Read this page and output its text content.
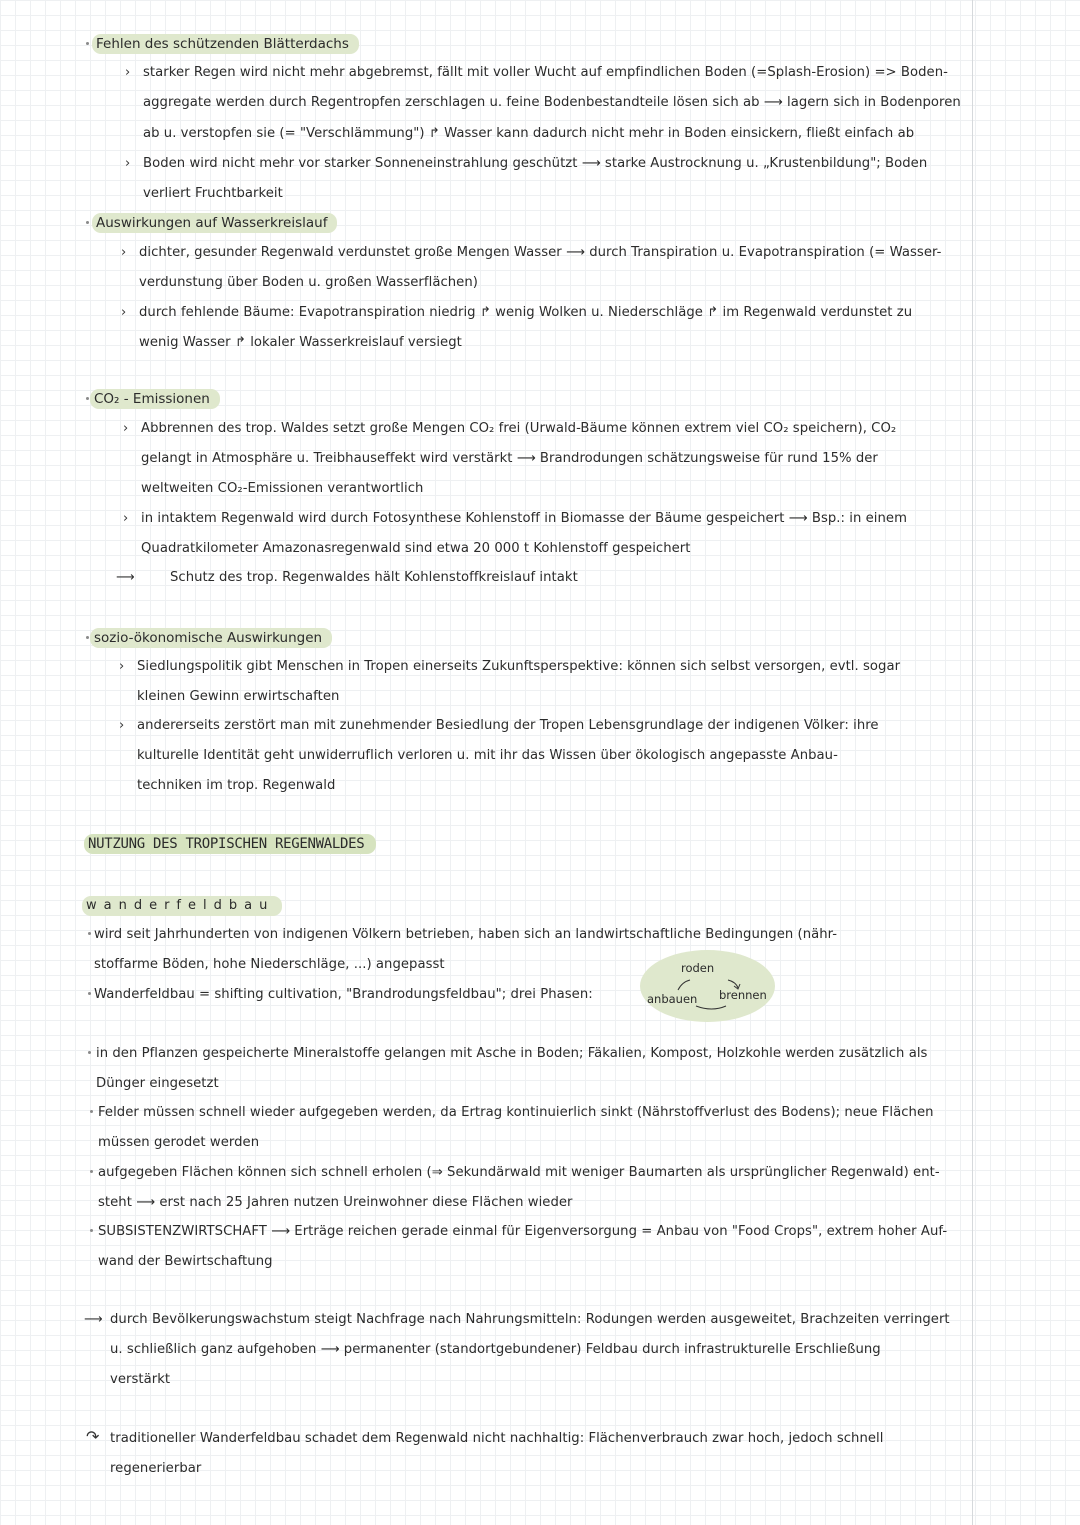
Fehlen des schützenden Blätterdachs
› starker Regen wird nicht mehr abgebremst, fällt mit voller Wucht auf empfindlichen Boden (=Splash-Erosion) => Boden-
aggregate werden durch Regentropfen zerschlagen u. feine Bodenbestandteile lösen sich ab ⟶ lagern sich in Bodenporen
ab u. verstopfen sie (= "Verschlämmung") ↱ Wasser kann dadurch nicht mehr in Boden einsickern, fließt einfach ab
› Boden wird nicht mehr vor starker Sonneneinstrahlung geschützt ⟶ starke Austrocknung u. „Krustenbildung"; Boden
verliert Fruchtbarkeit
Auswirkungen auf Wasserkreislauf
› dichter, gesunder Regenwald verdunstet große Mengen Wasser ⟶ durch Transpiration u. Evapotranspiration (= Wasser-
verdunstung über Boden u. großen Wasserflächen)
› durch fehlende Bäume: Evapotranspiration niedrig ↱ wenig Wolken u. Niederschläge ↱ im Regenwald verdunstet zu
wenig Wasser ↱ lokaler Wasserkreislauf versiegt
CO₂ - Emissionen
› Abbrennen des trop. Waldes setzt große Mengen CO₂ frei (Urwald-Bäume können extrem viel CO₂ speichern), CO₂
gelangt in Atmosphäre u. Treibhauseffekt wird verstärkt ⟶ Brandrodungen schätzungsweise für rund 15% der
weltweiten CO₂-Emissionen verantwortlich
› in intaktem Regenwald wird durch Fotosynthese Kohlenstoff in Biomasse der Bäume gespeichert ⟶ Bsp.: in einem
Quadratkilometer Amazonasregenwald sind etwa 20 000 t Kohlenstoff gespeichert
⟶	Schutz des trop. Regenwaldes hält Kohlenstoffkreislauf intakt
sozio-ökonomische Auswirkungen
› Siedlungspolitik gibt Menschen in Tropen einerseits Zukunftsperspektive: können sich selbst versorgen, evtl. sogar
kleinen Gewinn erwirtschaften
› andererseits zerstört man mit zunehmender Besiedlung der Tropen Lebensgrundlage der indigenen Völker: ihre
kulturelle Identität geht unwiderruflich verloren u. mit ihr das Wissen über ökologisch angepasste Anbau-
techniken im trop. Regenwald
NUTZUNG DES TROPISCHEN REGENWALDES
wanderfeldbau
wird seit Jahrhunderten von indigenen Völkern betrieben, haben sich an landwirtschaftliche Bedingungen (nähr-
stoffarme Böden, hohe Niederschläge, ...) angepasst
Wanderfeldbau = shifting cultivation, "Brandrodungsfeldbau"; drei Phasen:
roden
brennen
anbauen
in den Pflanzen gespeicherte Mineralstoffe gelangen mit Asche in Boden; Fäkalien, Kompost, Holzkohle werden zusätzlich als
Dünger eingesetzt
Felder müssen schnell wieder aufgegeben werden, da Ertrag kontinuierlich sinkt (Nährstoffverlust des Bodens); neue Flächen
müssen gerodet werden
aufgegeben Flächen können sich schnell erholen (⇒ Sekundärwald mit weniger Baumarten als ursprünglicher Regenwald) ent-
steht ⟶ erst nach 25 Jahren nutzen Ureinwohner diese Flächen wieder
SUBSISTENZWIRTSCHAFT ⟶ Erträge reichen gerade einmal für Eigenversorgung = Anbau von "Food Crops", extrem hoher Auf-
wand der Bewirtschaftung
⟶ durch Bevölkerungswachstum steigt Nachfrage nach Nahrungsmitteln: Rodungen werden ausgeweitet, Brachzeiten verringert
u. schließlich ganz aufgehoben ⟶ permanenter (standortgebundener) Feldbau durch infrastrukturelle Erschließung
verstärkt
↷ traditioneller Wanderfeldbau schadet dem Regenwald nicht nachhaltig: Flächenverbrauch zwar hoch, jedoch schnell
regenerierbar
